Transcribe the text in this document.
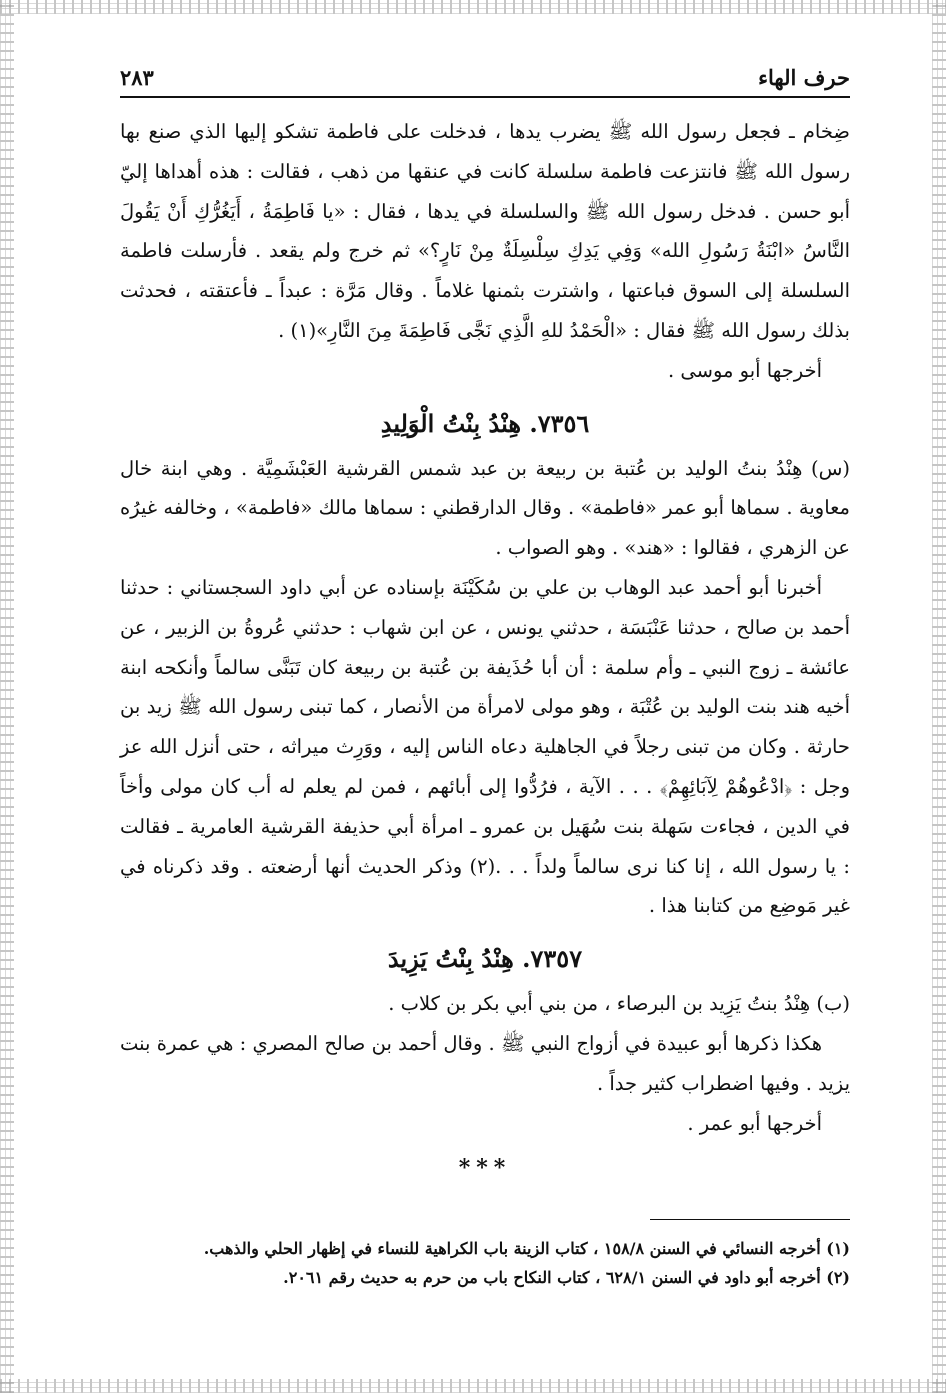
حرف الهاء
٢٨٣

ضِخام ـ فجعل رسول الله ﷺ يضرب يدها ، فدخلت على فاطمة تشكو إليها الذي صنع بها رسول الله ﷺ فانتزعت فاطمة سلسلة كانت في عنقها من ذهب ، فقالت : هذه أهداها إليّ أبو حسن . فدخل رسول الله ﷺ والسلسلة في يدها ، فقال : «يا فَاطِمَةُ ، أَيَغُرُّكِ أَنْ يَقُولَ النَّاسُ «ابْنَةُ رَسُولِ الله» وَفِي يَدِكِ سِلْسِلَةٌ مِنْ نَارٍ؟» ثم خرج ولم يقعد . فأرسلت فاطمة السلسلة إلى السوق فباعتها ، واشترت بثمنها غلاماً . وقال مَرَّة : عبداً ـ فأعتقته ، فحدثت بذلك رسول الله ﷺ فقال : «الْحَمْدُ للهِ الَّذِي نَجَّى فَاطِمَةَ مِنَ النَّارِ»(١) .

أخرجها أبو موسى .

٧٣٥٦. هِنْدُ بِنْتُ الْوَلِيدِ

(س) هِنْدُ بنتُ الوليد بن عُتبة بن ربيعة بن عبد شمس القرشية العَبْشَمِيَّة . وهي ابنة خال معاوية . سماها أبو عمر «فاطمة» . وقال الدارقطني : سماها مالك «فاطمة» ، وخالفه غيرُه عن الزهري ، فقالوا : «هند» . وهو الصواب .

أخبرنا أبو أحمد عبد الوهاب بن علي بن سُكَيْنَة بإسناده عن أبي داود السجستاني : حدثنا أحمد بن صالح ، حدثنا عَنْبَسَة ، حدثني يونس ، عن ابن شهاب : حدثني عُروةُ بن الزبير ، عن عائشة ـ زوج النبي ـ وأم سلمة : أن أبا حُذَيفة بن عُتبة بن ربيعة كان تَبَنَّى سالماً وأنكحه ابنة أخيه هند بنت الوليد بن عُتْبَة ، وهو مولى لامرأة من الأنصار ، كما تبنى رسول الله ﷺ زيد بن حارثة . وكان من تبنى رجلاً في الجاهلية دعاه الناس إليه ، ووَرِث ميراثه ، حتى أنزل الله عز وجل : ﴿ادْعُوهُمْ لِآبَائِهِمْ﴾ . . . الآية ، فرُدُّوا إلى أبائهم ، فمن لم يعلم له أب كان مولى وأخاً في الدين ، فجاءت سَهلة بنت سُهَيل بن عمرو ـ امرأة أبي حذيفة القرشية العامرية ـ فقالت : يا رسول الله ، إنا كنا نرى سالماً ولداً . . .(٢) وذكر الحديث أنها أرضعته . وقد ذكرناه في غير مَوضِع من كتابنا هذا .

٧٣٥٧. هِنْدُ بِنْتُ يَزِيدَ

(ب) هِنْدُ بنتُ يَزِيد بن البرصاء ، من بني أبي بكر بن كلاب .

هكذا ذكرها أبو عبيدة في أزواج النبي ﷺ . وقال أحمد بن صالح المصري : هي عمرة بنت يزيد . وفيها اضطراب كثير جداً .

أخرجها أبو عمر .

***

(١) أخرجه النسائي في السنن ١٥٨/٨ ، كتاب الزينة باب الكراهية للنساء في إظهار الحلي والذهب.

(٢) أخرجه أبو داود في السنن ٦٢٨/١ ، كتاب النكاح باب من حرم به حديث رقم ٢٠٦١.
